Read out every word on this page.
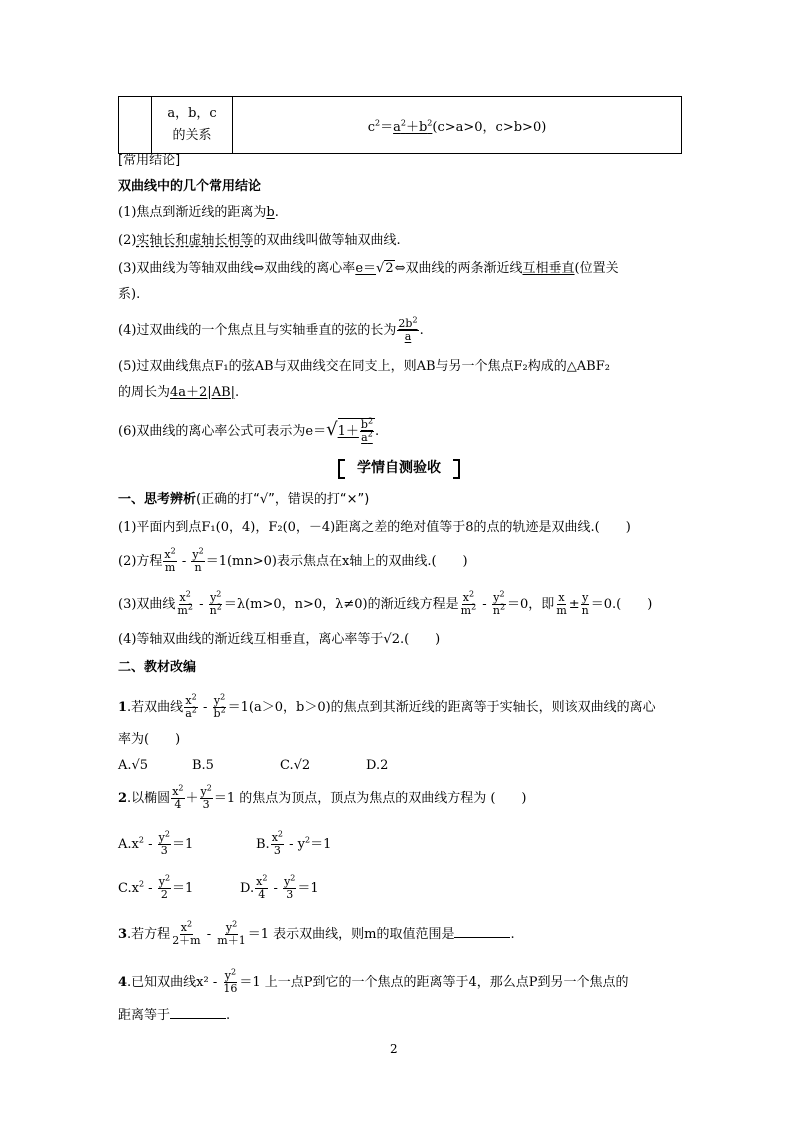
a，b，c
的关系
	$c^2=a^2+b^2(c>a>0$，c>b>0)
[常用结论]
双曲线中的几个常用结论
(1)焦点到渐近线的距离为b.
(2)实轴长和虚轴长相等的双曲线叫做等轴双曲线.
(3)双曲线为等轴双曲线⇔双曲线的离心率e＝√2⇔双曲线的两条渐近线互相垂直(位置关
系).
(4)过双曲线的一个焦点且与实轴垂直的弦的长为 $\frac{2b^2}{a}$ .
(5)过双曲线焦点F₁的弦AB与双曲线交在同支上，则AB与另一个焦点F₂构成的△ABF₂
的周长为4a＋2|AB|.
(6)双曲线的离心率公式可表示为$e=√1+ \frac{b^2}{a^2}$ .
学情自测验收
一、思考辨析(正确的打“√”，错误的打“×”)
(1)平面内到点F₁(0，4)，F₂(0，－4)距离之差的绝对值等于8的点的轨迹是双曲线.(　　)
(2)方程 $\frac{x^2}{m} - \frac{y^2}{n} =1(mn>0)$表示焦点在x轴上的双曲线.(　　)
(3)双曲线 $\frac{x^2}{m^2} - \frac{y^2}{n^2} =\lambda(m>0$，n>0，λ≠0)的渐近线方程是 $\frac{x^2}{m^2} - \frac{y^2}{n^2} =0$，即 $\frac{x}{m} \pm \frac{y}{n} =0$.(　　)
(4)等轴双曲线的渐近线互相垂直，离心率等于√2.(　　)
二、教材改编
1.若双曲线 $\frac{x^2}{a^2} - \frac{y^2}{b^2} =1(a>0$，b＞0)的焦点到其渐近线的距离等于实轴长，则该双曲线的离心
率为(　　)
A.√5	B.5	C.√2	D.2
2.以椭圆 $\frac{x^2}{4} + \frac{y^2}{3} =1$ 的焦点为顶点，顶点为焦点的双曲线方程为 (　　)
$A.x^2 - \frac{y^2}{3} =1$	B. $\frac{x^2}{3} - y^2=1$
$C.x^2 - \frac{y^2}{2} =1$	D. $\frac{x^2}{4} - \frac{y^2}{3} =1$
3.若方程 $\frac{x^2}{2+m} - \frac{y^2}{m+1} =1$ 表示双曲线，则m的取值范围是	.
4.已知双曲线$x^2 - \frac{y^2}{16} =1$ 上一点P到它的一个焦点的距离等于4，那么点P到另一个焦点的
距离等于	.
2
